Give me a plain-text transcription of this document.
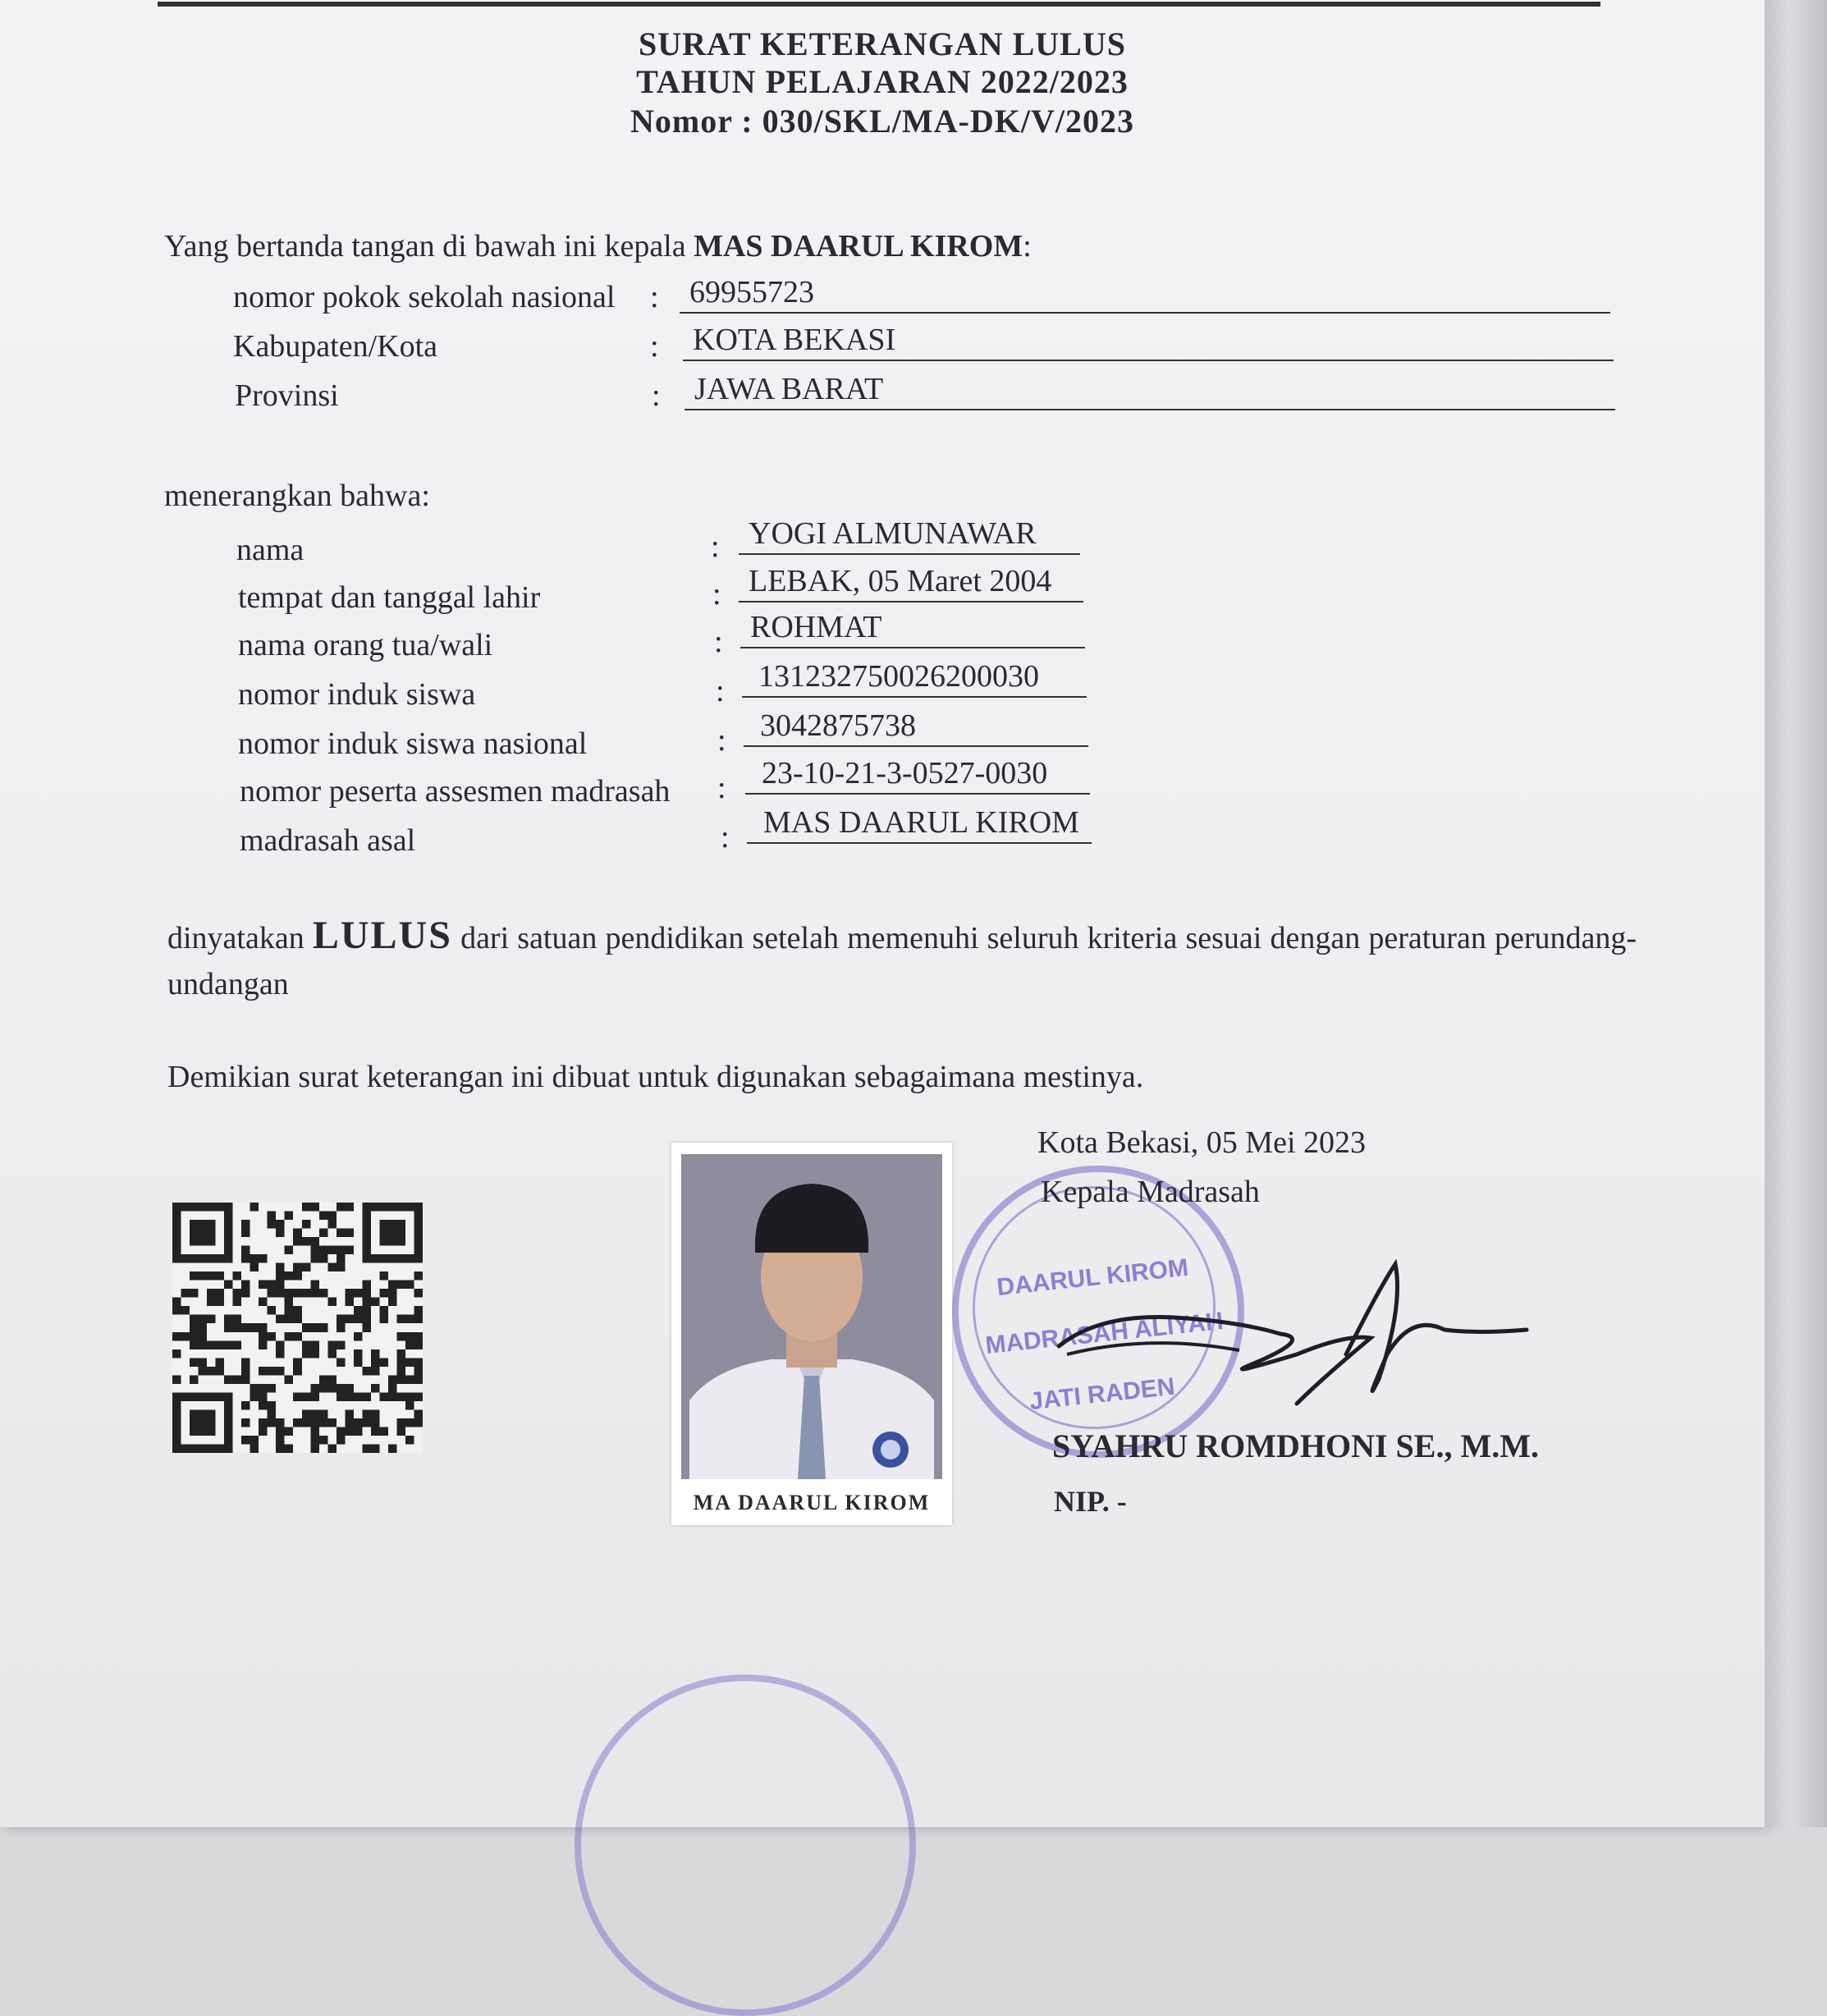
SURAT KETERANGAN LULUS
TAHUN PELAJARAN 2022/2023
Nomor : 030/SKL/MA-DK/V/2023
Yang bertanda tangan di bawah ini kepala MAS DAARUL KIROM:
nomor pokok sekolah nasional : 69955723
Kabupaten/Kota	:	KOTA BEKASI
Provinsi	:	JAWA BARAT
menerangkan bahwa:
nama	: YOGI ALMUNAWAR
tempat dan tanggal lahir	: LEBAK, 05 Maret 2004
nama orang tua/wali	: ROHMAT
nomor induk siswa	:	131232750026200030
nomor induk siswa nasional	:	3042875738
nomor peserta assesmen madrasah :	23-10-21-3-0527-0030
madrasah asal	:	MAS DAARUL KIROM
dinyatakan LULUS dari satuan pendidikan setelah memenuhi seluruh kriteria sesuai dengan peraturan perundang-undangan
Demikian surat keterangan ini dibuat untuk digunakan sebagaimana mestinya.
MA DAARUL KIROM
DAARUL KIROM
MADRASAH ALIYAH
JATI RADEN
Kota Bekasi, 05 Mei 2023
Kepala Madrasah
SYAHRU ROMDHONI SE., M.M.
NIP. -
